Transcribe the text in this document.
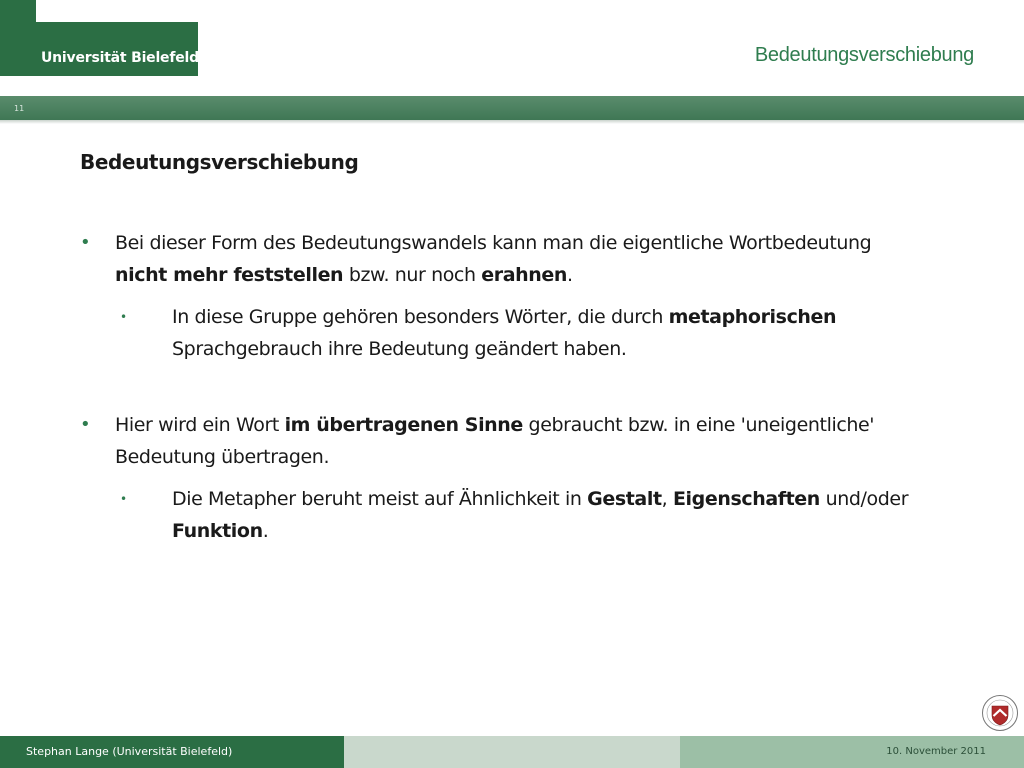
Universität Bielefeld	Bedeutungsverschiebung
11
Bedeutungsverschiebung
• Bei dieser Form des Bedeutungswandels kann man die eigentliche Wortbedeutung nicht mehr feststellen bzw. nur noch erahnen.
• In diese Gruppe gehören besonders Wörter, die durch metaphorischen Sprachgebrauch ihre Bedeutung geändert haben.
• Hier wird ein Wort im übertragenen Sinne gebraucht bzw. in eine 'uneigentliche' Bedeutung übertragen.
• Die Metapher beruht meist auf Ähnlichkeit in Gestalt, Eigenschaften und/oder Funktion.
Stephan Lange (Universität Bielefeld)	10. November 2011
